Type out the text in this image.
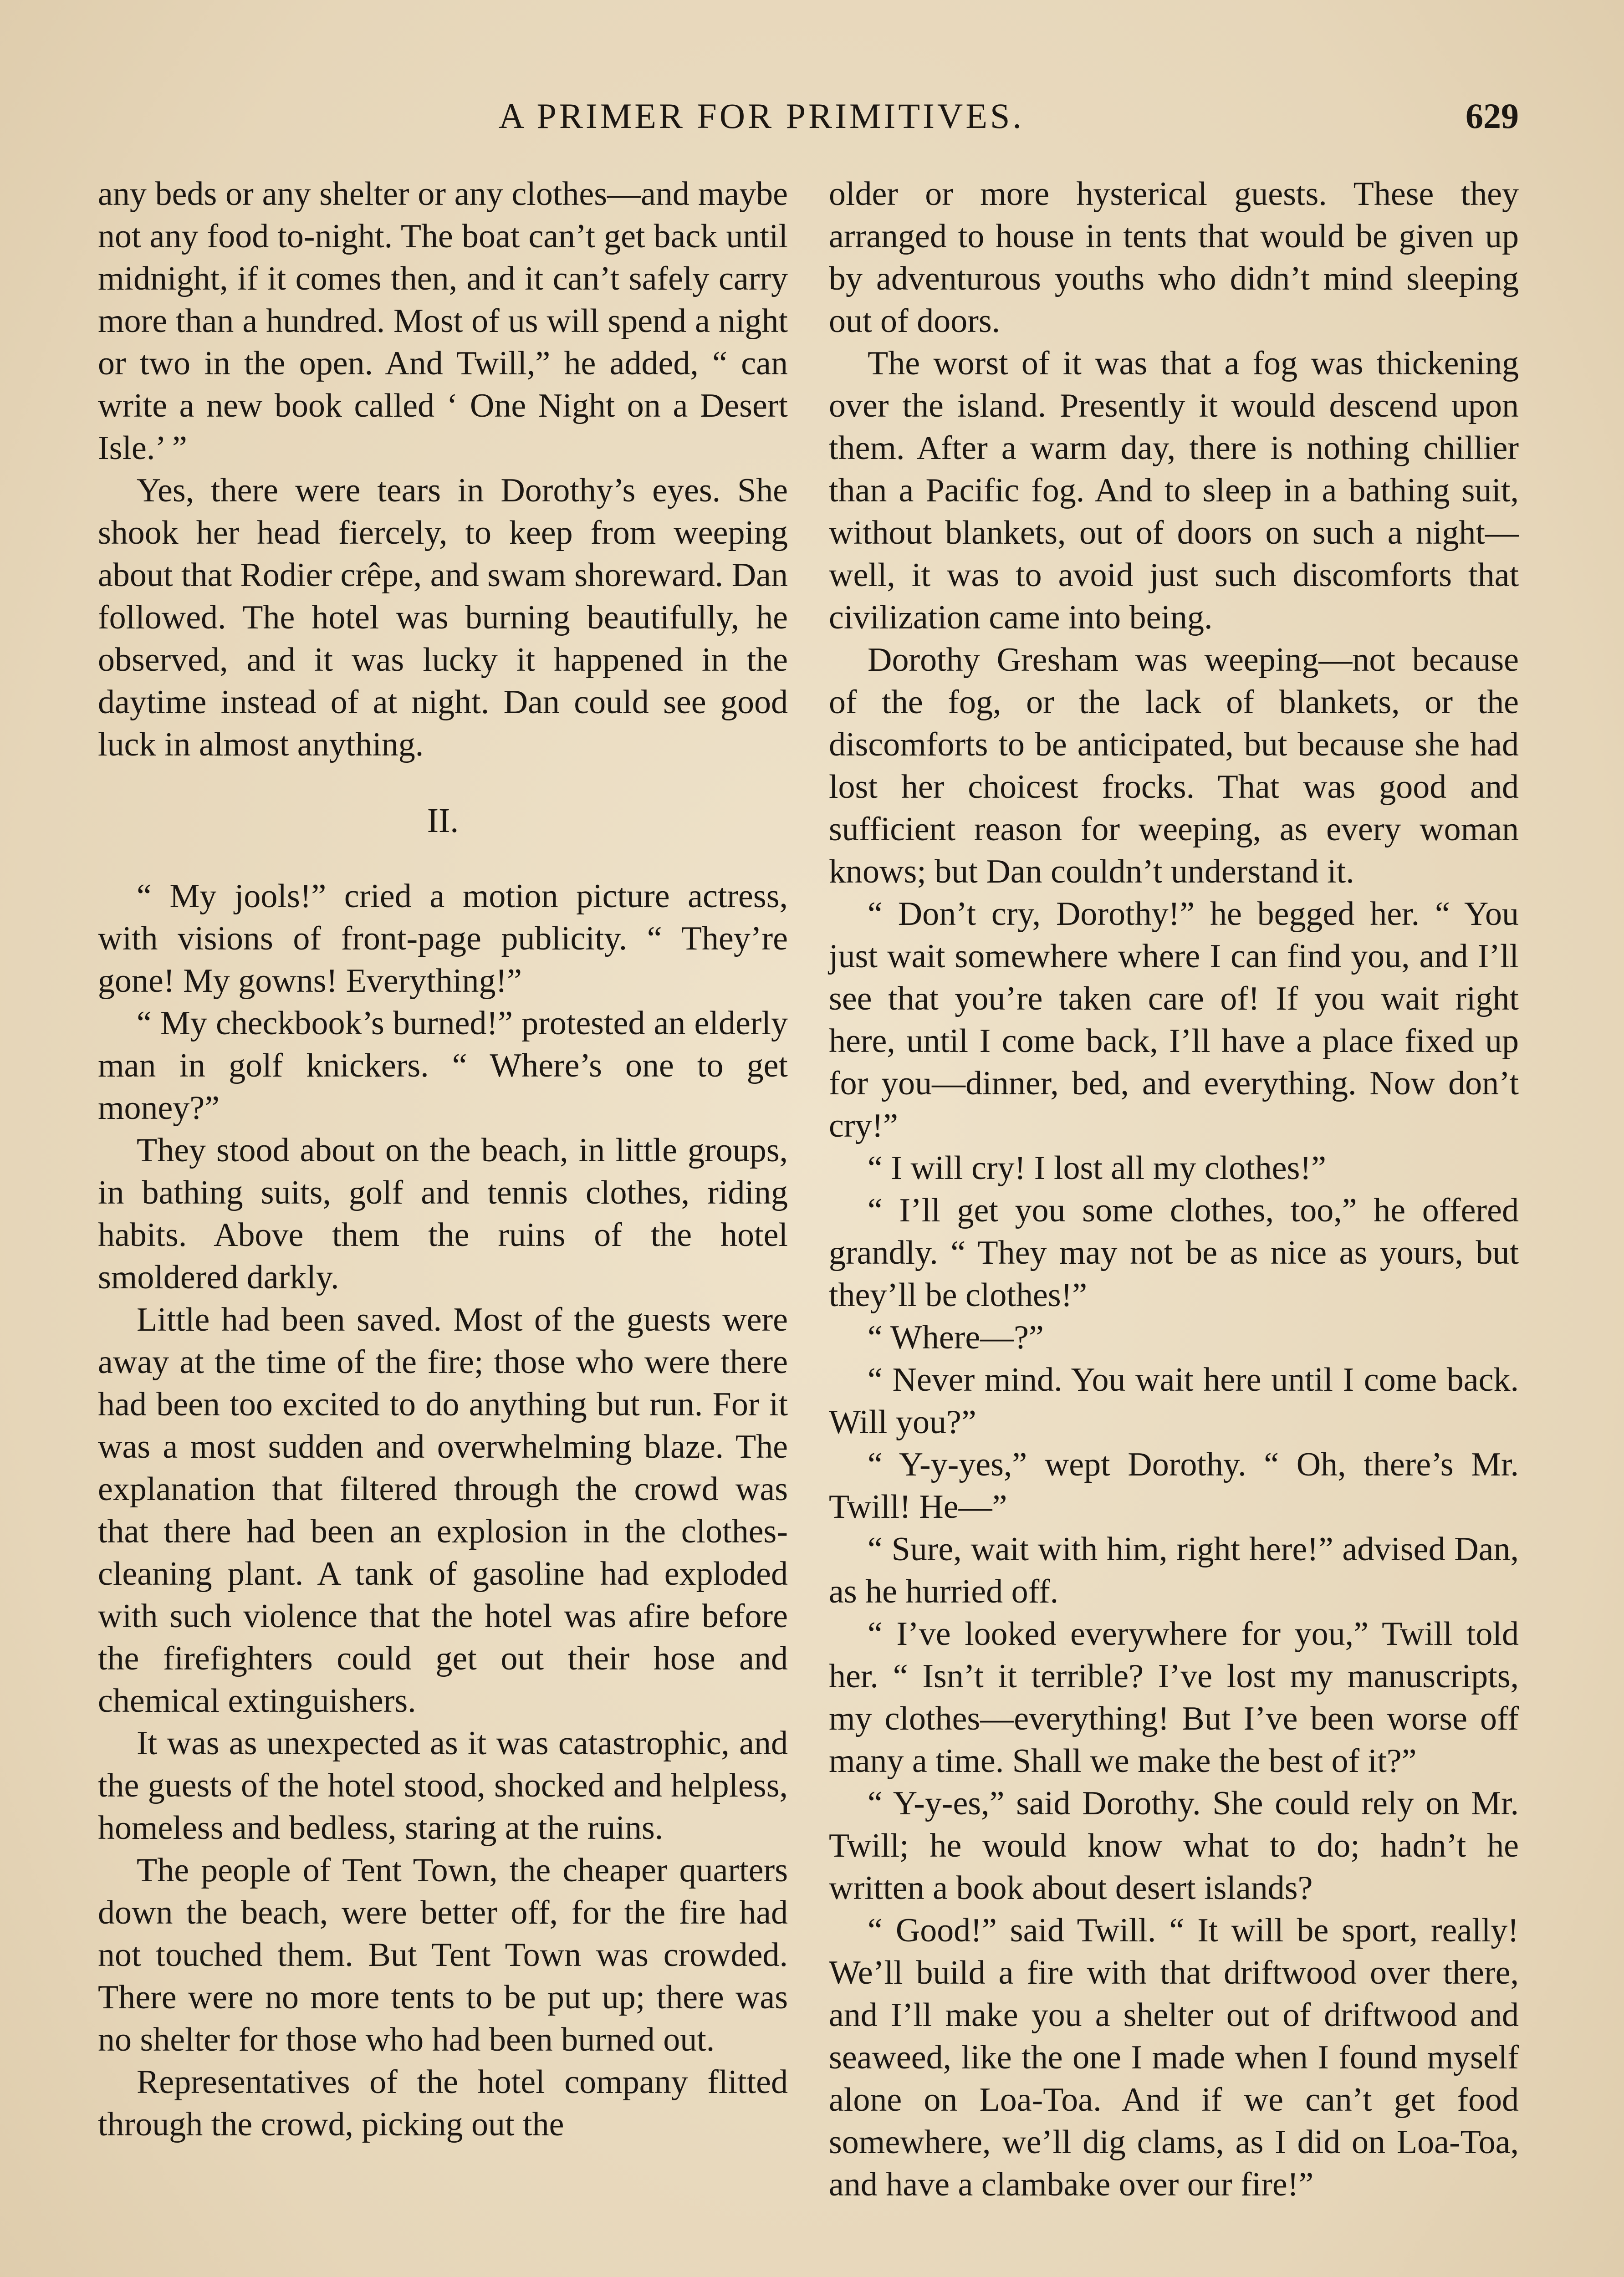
A PRIMER FOR PRIMITIVES.	629

any beds or any shelter or any clothes—and maybe not any food to-night. The boat can’t get back until midnight, if it comes then, and it can’t safely carry more than a hundred. Most of us will spend a night or two in the open. And Twill,” he added, “ can write a new book called ‘ One Night on a Desert Isle.’ ”

Yes, there were tears in Dorothy’s eyes. She shook her head fiercely, to keep from weeping about that Rodier crêpe, and swam shoreward. Dan followed. The hotel was burning beautifully, he observed, and it was lucky it happened in the daytime instead of at night. Dan could see good luck in almost anything.

II.

“ My jools!” cried a motion picture actress, with visions of front-page publicity. “ They’re gone! My gowns! Everything!”

“ My checkbook’s burned!” protested an elderly man in golf knickers. “ Where’s one to get money?”

They stood about on the beach, in little groups, in bathing suits, golf and tennis clothes, riding habits. Above them the ruins of the hotel smoldered darkly.

Little had been saved. Most of the guests were away at the time of the fire; those who were there had been too excited to do anything but run. For it was a most sudden and overwhelming blaze. The explanation that filtered through the crowd was that there had been an explosion in the clothes-cleaning plant. A tank of gasoline had exploded with such violence that the hotel was afire before the firefighters could get out their hose and chemical extinguishers.

It was as unexpected as it was catastrophic, and the guests of the hotel stood, shocked and helpless, homeless and bedless, staring at the ruins.

The people of Tent Town, the cheaper quarters down the beach, were better off, for the fire had not touched them. But Tent Town was crowded. There were no more tents to be put up; there was no shelter for those who had been burned out.

Representatives of the hotel company flitted through the crowd, picking out the

older or more hysterical guests. These they arranged to house in tents that would be given up by adventurous youths who didn’t mind sleeping out of doors.

The worst of it was that a fog was thickening over the island. Presently it would descend upon them. After a warm day, there is nothing chillier than a Pacific fog. And to sleep in a bathing suit, without blankets, out of doors on such a night—well, it was to avoid just such discomforts that civilization came into being.

Dorothy Gresham was weeping—not because of the fog, or the lack of blankets, or the discomforts to be anticipated, but because she had lost her choicest frocks. That was good and sufficient reason for weeping, as every woman knows; but Dan couldn’t understand it.

“ Don’t cry, Dorothy!” he begged her. “ You just wait somewhere where I can find you, and I’ll see that you’re taken care of! If you wait right here, until I come back, I’ll have a place fixed up for you—dinner, bed, and everything. Now don’t cry!”

“ I will cry! I lost all my clothes!”

“ I’ll get you some clothes, too,” he offered grandly. “ They may not be as nice as yours, but they’ll be clothes!”

“ Where—?”

“ Never mind. You wait here until I come back. Will you?”

“ Y-y-yes,” wept Dorothy. “ Oh, there’s Mr. Twill! He—”

“ Sure, wait with him, right here!” advised Dan, as he hurried off.

“ I’ve looked everywhere for you,” Twill told her. “ Isn’t it terrible? I’ve lost my manuscripts, my clothes—everything! But I’ve been worse off many a time. Shall we make the best of it?”

“ Y-y-es,” said Dorothy. She could rely on Mr. Twill; he would know what to do; hadn’t he written a book about desert islands?

“ Good!” said Twill. “ It will be sport, really! We’ll build a fire with that driftwood over there, and I’ll make you a shelter out of driftwood and seaweed, like the one I made when I found myself alone on Loa-Toa. And if we can’t get food somewhere, we’ll dig clams, as I did on Loa-Toa, and have a clambake over our fire!”
